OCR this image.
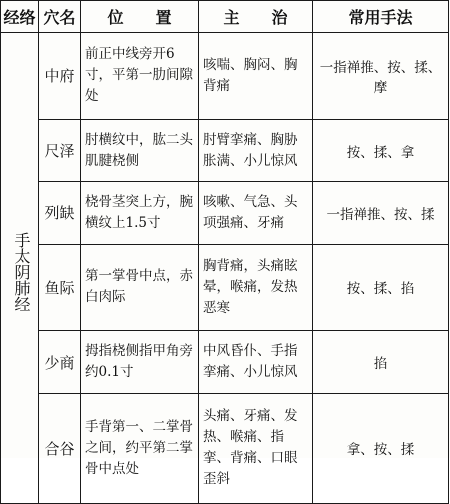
经络	穴名	位　　置	主　　治	常用手法
手太阴肺经	中府	前正中线旁开6寸，平第一肋间隙处	咳喘、胸闷、胸背痛	一指禅推、按、揉、摩
	尺泽	肘横纹中，肱二头肌腱桡侧	肘臂挛痛、胸胁胀满、小儿惊风	按、揉、拿
	列缺	桡骨茎突上方，腕横纹上1.5寸	咳嗽、气急、头项强痛、牙痛	一指禅推、按、揉
	鱼际	第一掌骨中点，赤白肉际	胸背痛，头痛眩晕，喉痛，发热恶寒	按、揉、掐
	少商	拇指桡侧指甲角旁约0.1寸	中风昏仆、手指挛痛、小儿惊风	掐
	合谷	手背第一、二掌骨之间，约平第二掌	头痛、牙痛、发热、喉痛、指挛、背痛、口眼	拿、按、揉
